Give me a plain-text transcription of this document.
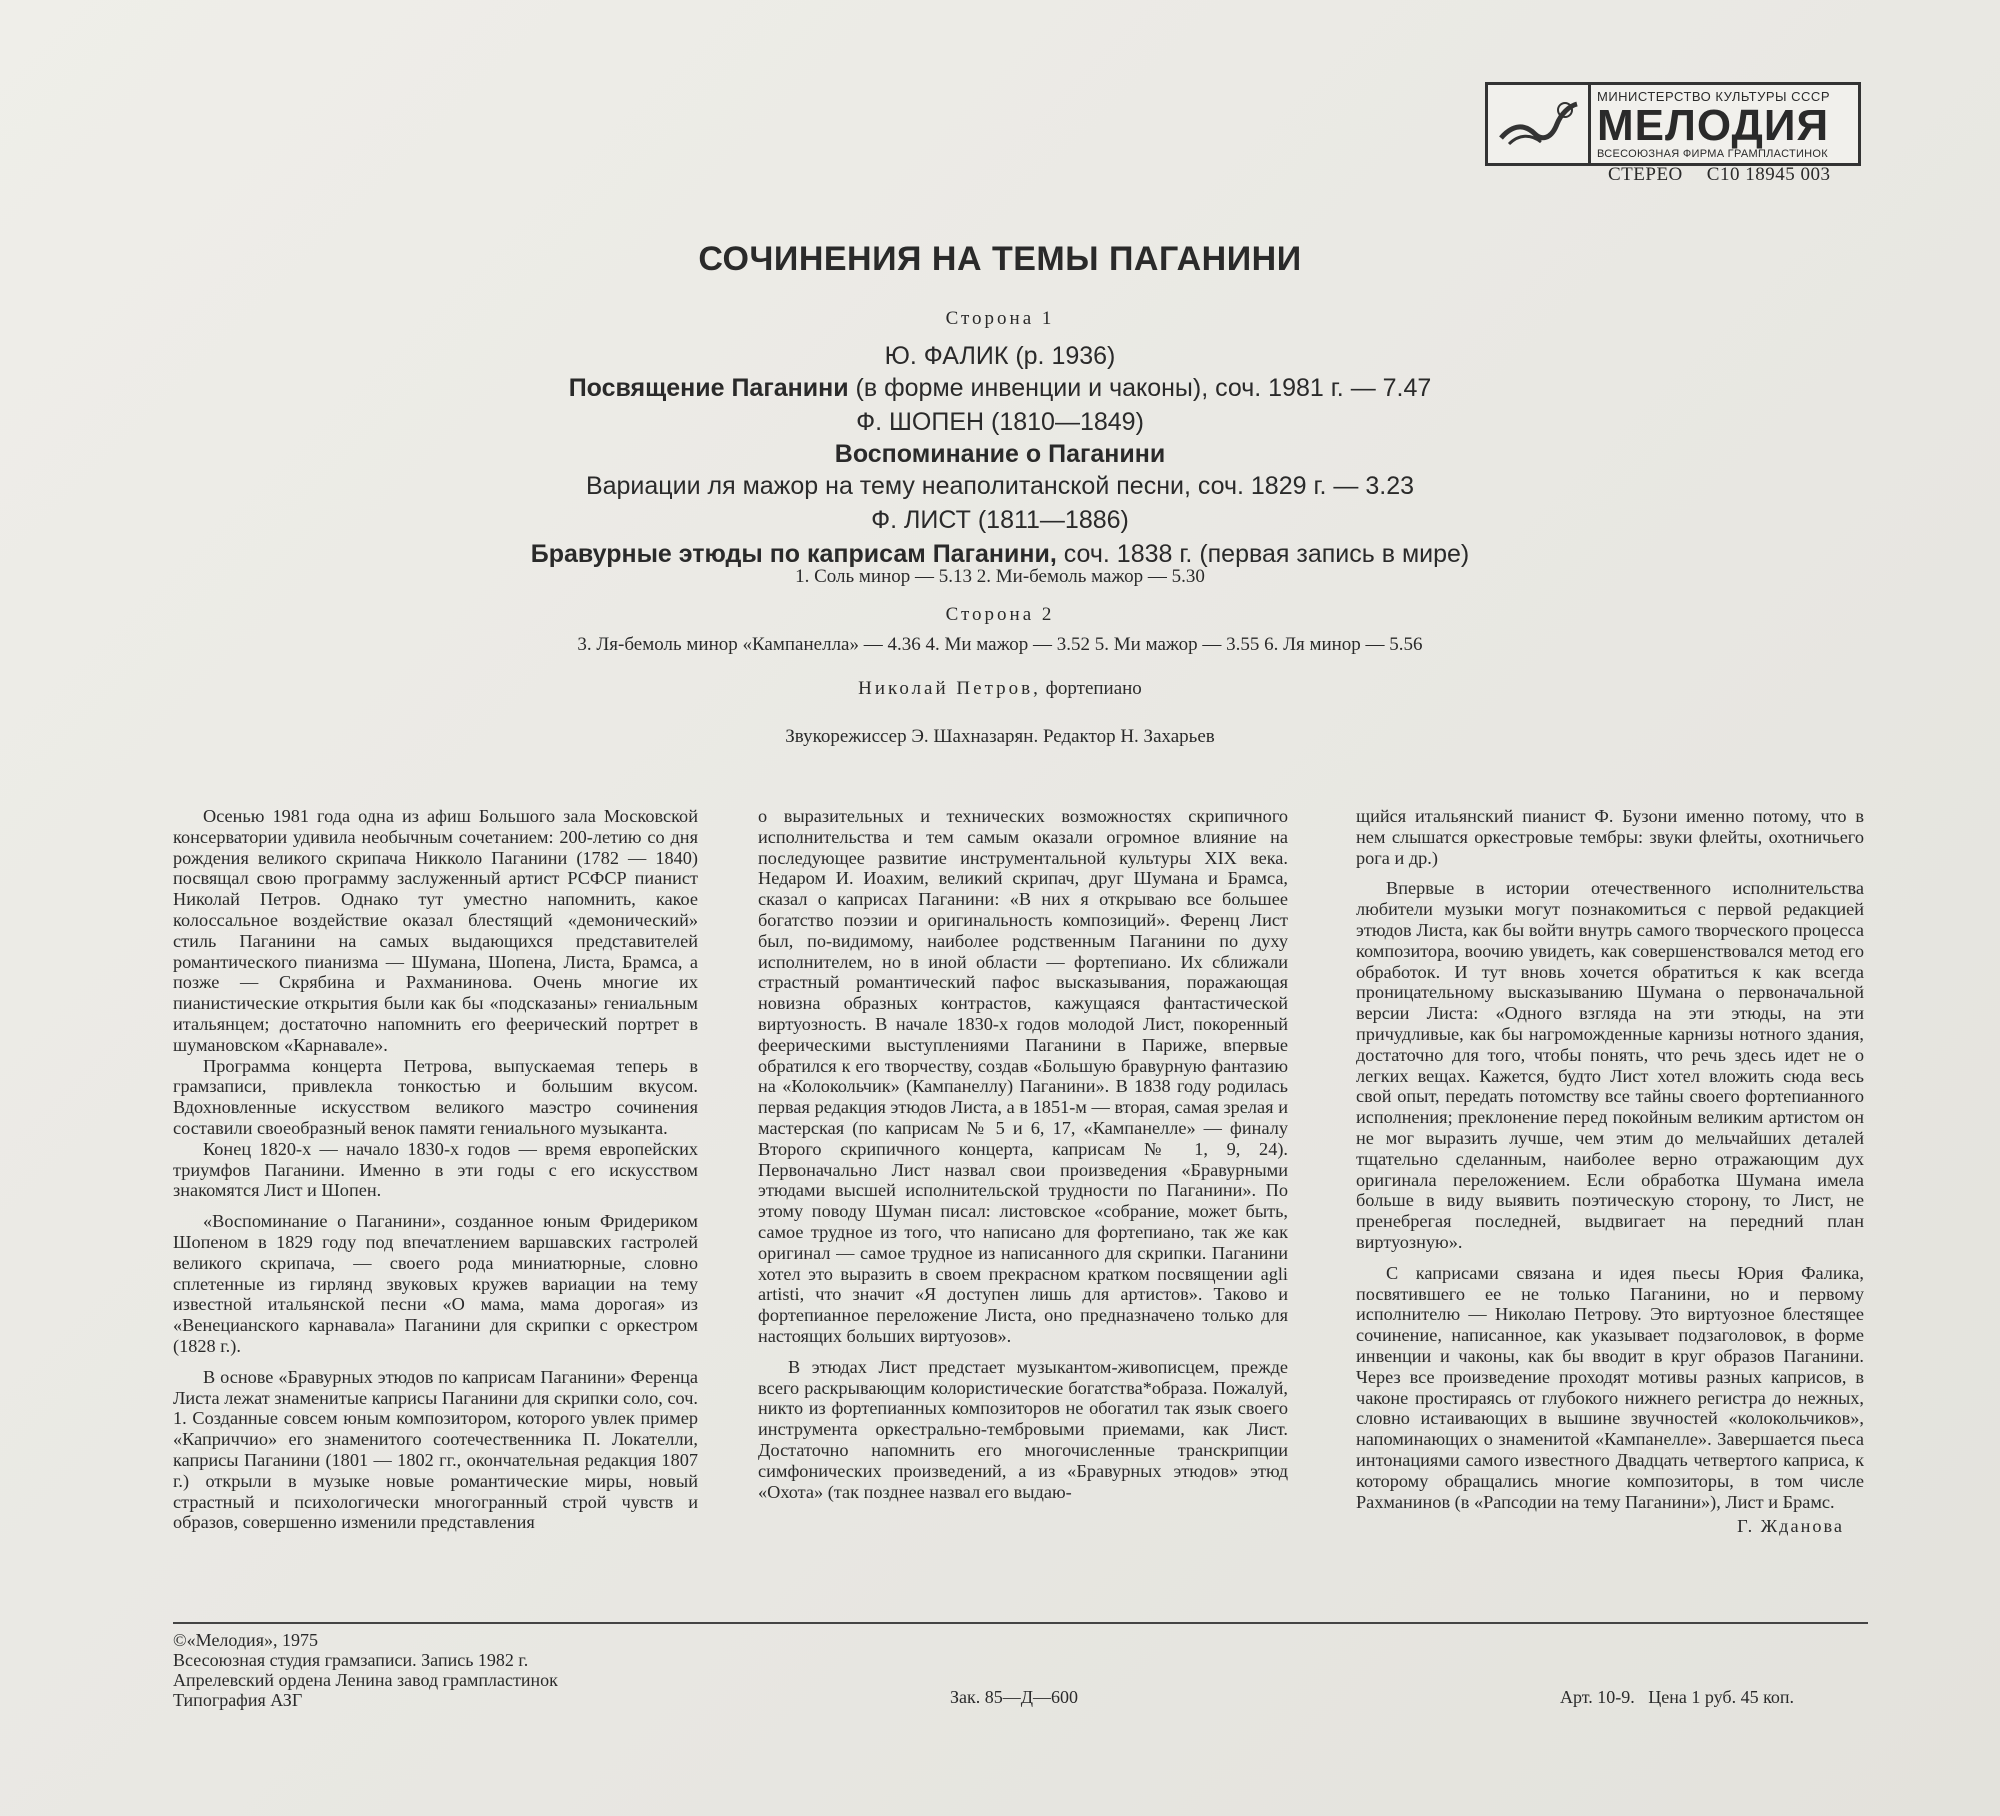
МИНИСТЕРСТВО КУЛЬТУРЫ СССР
МЕЛОДИЯ
ВСЕСОЮЗНАЯ ФИРМА ГРАМПЛАСТИНОК
СТЕРЕО С10 18945 003
СОЧИНЕНИЯ НА ТЕМЫ ПАГАНИНИ
Сторона 1
Ю. ФАЛИК (р. 1936)
Посвящение Паганини (в форме инвенции и чаконы), соч. 1981 г. — 7.47
Ф. ШОПЕН (1810—1849)
Воспоминание о Паганини
Вариации ля мажор на тему неаполитанской песни, соч. 1829 г. — 3.23
Ф. ЛИСТ (1811—1886)
Бравурные этюды по каприсам Паганини, соч. 1838 г. (первая запись в мире)
1. Соль минор — 5.13 2. Ми-бемоль мажор — 5.30
Сторона 2
3. Ля-бемоль минор «Кампанелла» — 4.36 4. Ми мажор — 3.52 5. Ми мажор — 3.55 6. Ля минор — 5.56
Николай Петров, фортепиано
Звукорежиссер Э. Шахназарян. Редактор Н. Захарьев

Осенью 1981 года одна из афиш Большого зала Московской консерватории удивила необычным сочетанием: 200-летию со дня рождения великого скрипача Никколо Паганини (1782 — 1840) посвящал свою программу заслуженный артист РСФСР пианист Николай Петров. Однако тут уместно напомнить, какое колоссальное воздействие оказал блестящий «демонический» стиль Паганини на самых выдающихся представителей романтического пианизма — Шумана, Шопена, Листа, Брамса, а позже — Скрябина и Рахманинова. Очень многие их пианистические открытия были как бы «подсказаны» гениальным итальянцем; достаточно напомнить его феерический портрет в шумановском «Карнавале».

Программа концерта Петрова, выпускаемая теперь в грамзаписи, привлекла тонкостью и большим вкусом. Вдохновленные искусством великого маэстро сочинения составили своеобразный венок памяти гениального музыканта.

Конец 1820-х — начало 1830-х годов — время европейских триумфов Паганини. Именно в эти годы с его искусством знакомятся Лист и Шопен.

«Воспоминание о Паганини», созданное юным Фридериком Шопеном в 1829 году под впечатлением варшавских гастролей великого скрипача, — своего рода миниатюрные, словно сплетенные из гирлянд звуковых кружев вариации на тему известной итальянской песни «О мама, мама дорогая» из «Венецианского карнавала» Паганини для скрипки с оркестром (1828 г.).

В основе «Бравурных этюдов по каприсам Паганини» Ференца Листа лежат знаменитые каприсы Паганини для скрипки соло, соч. 1. Созданные совсем юным композитором, которого увлек пример «Каприччио» его знаменитого соотечественника П. Локателли, каприсы Паганини (1801 — 1802 гг., окончательная редакция 1807 г.) открыли в музыке новые романтические миры, новый страстный и психологически многогранный строй чувств и образов, совершенно изменили представления

о выразительных и технических возможностях скрипичного исполнительства и тем самым оказали огромное влияние на последующее развитие инструментальной культуры XIX века. Недаром И. Иоахим, великий скрипач, друг Шумана и Брамса, сказал о каприсах Паганини: «В них я открываю все большее богатство поэзии и оригинальность композиций». Ференц Лист был, по-видимому, наиболее родственным Паганини по духу исполнителем, но в иной области — фортепиано. Их сближали страстный романтический пафос высказывания, поражающая новизна образных контрастов, кажущаяся фантастической виртуозность. В начале 1830-х годов молодой Лист, покоренный феерическими выступлениями Паганини в Париже, впервые обратился к его творчеству, создав «Большую бравурную фантазию на «Колокольчик» (Кампанеллу) Паганини». В 1838 году родилась первая редакция этюдов Листа, а в 1851-м — вторая, самая зрелая и мастерская (по каприсам № 5 и 6, 17, «Кампанелле» — финалу Второго скрипичного концерта, каприсам № 1, 9, 24). Первоначально Лист назвал свои произведения «Бравурными этюдами высшей исполнительской трудности по Паганини». По этому поводу Шуман писал: листовское «собрание, может быть, самое трудное из того, что написано для фортепиано, так же как оригинал — самое трудное из написанного для скрипки. Паганини хотел это выразить в своем прекрасном кратком посвящении agli artisti, что значит «Я доступен лишь для артистов». Таково и фортепианное переложение Листа, оно предназначено только для настоящих больших виртуозов».

В этюдах Лист предстает музыкантом-живописцем, прежде всего раскрывающим колористические богатства*образа. Пожалуй, никто из фортепианных композиторов не обогатил так язык своего инструмента оркестрально-тембровыми приемами, как Лист. Достаточно напомнить его многочисленные транскрипции симфонических произведений, а из «Бравурных этюдов» этюд «Охота» (так позднее назвал его выдаю-

щийся итальянский пианист Ф. Бузони именно потому, что в нем слышатся оркестровые тембры: звуки флейты, охотничьего рога и др.)

Впервые в истории отечественного исполнительства любители музыки могут познакомиться с первой редакцией этюдов Листа, как бы войти внутрь самого творческого процесса композитора, воочию увидеть, как совершенствовался метод его обработок. И тут вновь хочется обратиться к как всегда проницательному высказыванию Шумана о первоначальной версии Листа: «Одного взгляда на эти этюды, на эти причудливые, как бы нагроможденные карнизы нотного здания, достаточно для того, чтобы понять, что речь здесь идет не о легких вещах. Кажется, будто Лист хотел вложить сюда весь свой опыт, передать потомству все тайны своего фортепианного исполнения; преклонение перед покойным великим артистом он не мог выразить лучше, чем этим до мельчайших деталей тщательно сделанным, наиболее верно отражающим дух оригинала переложением. Если обработка Шумана имела больше в виду выявить поэтическую сторону, то Лист, не пренебрегая последней, выдвигает на передний план виртуозную».

С каприсами связана и идея пьесы Юрия Фалика, посвятившего ее не только Паганини, но и первому исполнителю — Николаю Петрову. Это виртуозное блестящее сочинение, написанное, как указывает подзаголовок, в форме инвенции и чаконы, как бы вводит в круг образов Паганини. Через все произведение проходят мотивы разных каприсов, в чаконе простираясь от глубокого нижнего регистра до нежных, словно истаивающих в вышине звучностей «колокольчиков», напоминающих о знаменитой «Кампанелле». Завершается пьеса интонациями самого известного Двадцать четвертого каприса, к которому обращались многие композиторы, в том числе Рахманинов (в «Рапсодии на тему Паганини»), Лист и Брамс.

Г. Жданова
©«Мелодия», 1975
Всесоюзная студия грамзаписи. Запись 1982 г.
Апрелевский ордена Ленина завод грампластинок
Типография АЗГ	Зак. 85—Д—600	Арт. 10-9. Цена 1 руб. 45 коп.
